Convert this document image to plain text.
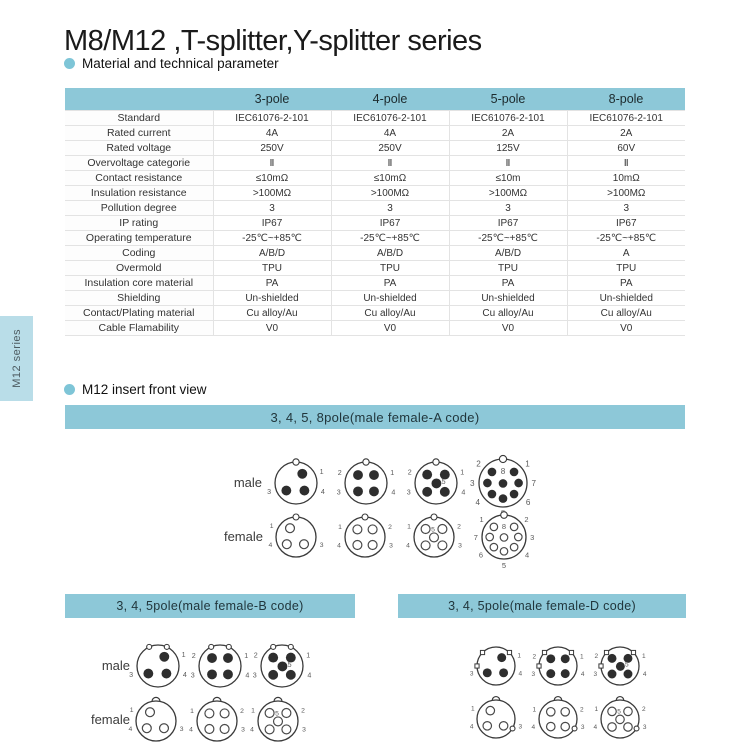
M8/M12 ,T-splitter,Y-splitter series
Material and technical parameter
	3-pole	4-pole	5-pole	8-pole
Standard	IEC61076-2-101	IEC61076-2-101	IEC61076-2-101	IEC61076-2-101
Rated current	4A	4A	2A	2A
Rated voltage	250V	250V	125V	60V
Overvoltage categorie	Ⅱ	Ⅱ	Ⅱ	Ⅱ
Contact resistance	≤10mΩ	≤10mΩ	≤10m	10mΩ
Insulation resistance	>100MΩ	>100MΩ	>100MΩ	>100MΩ
Pollution degree	3	3	3	3
IP rating	IP67	IP67	IP67	IP67
Operating temperature	-25℃~+85℃	-25℃~+85℃	-25℃~+85℃	-25℃~+85℃
Coding	A/B/D	A/B/D	A/B/D	A
Overmold	TPU	TPU	TPU	TPU
Insulation core material	PA	PA	PA	PA
Shielding	Un-shielded	Un-shielded	Un-shielded	Un-shielded
Contact/Plating material	Cu alloy/Au	Cu alloy/Au	Cu alloy/Au	Cu alloy/Au
Cable Flamability	V0	V0	V0	V0
M12 series
M12 insert front view
3, 4, 5, 8pole(male female-A code)
3, 4, 5pole(male female-B code)	3, 4, 5pole(male female-D code)
male
female
male
female
1
3	4
2	1
3	4
2	1
3	4
5
2	1
3	7
4	6
8
1
4	3
1	2
4	3
1	2
4	3
5
1	2
7	3
6	4
5
8
1
3	4
2	1
3	4
2	1
3	4
5
1
4	3
1	2
4	3
1	2
4	3
5
1
3	4
2	1
3	4
2	1
3	4
5
1
4	3
1	2
4	3
1	2
4	3
5
